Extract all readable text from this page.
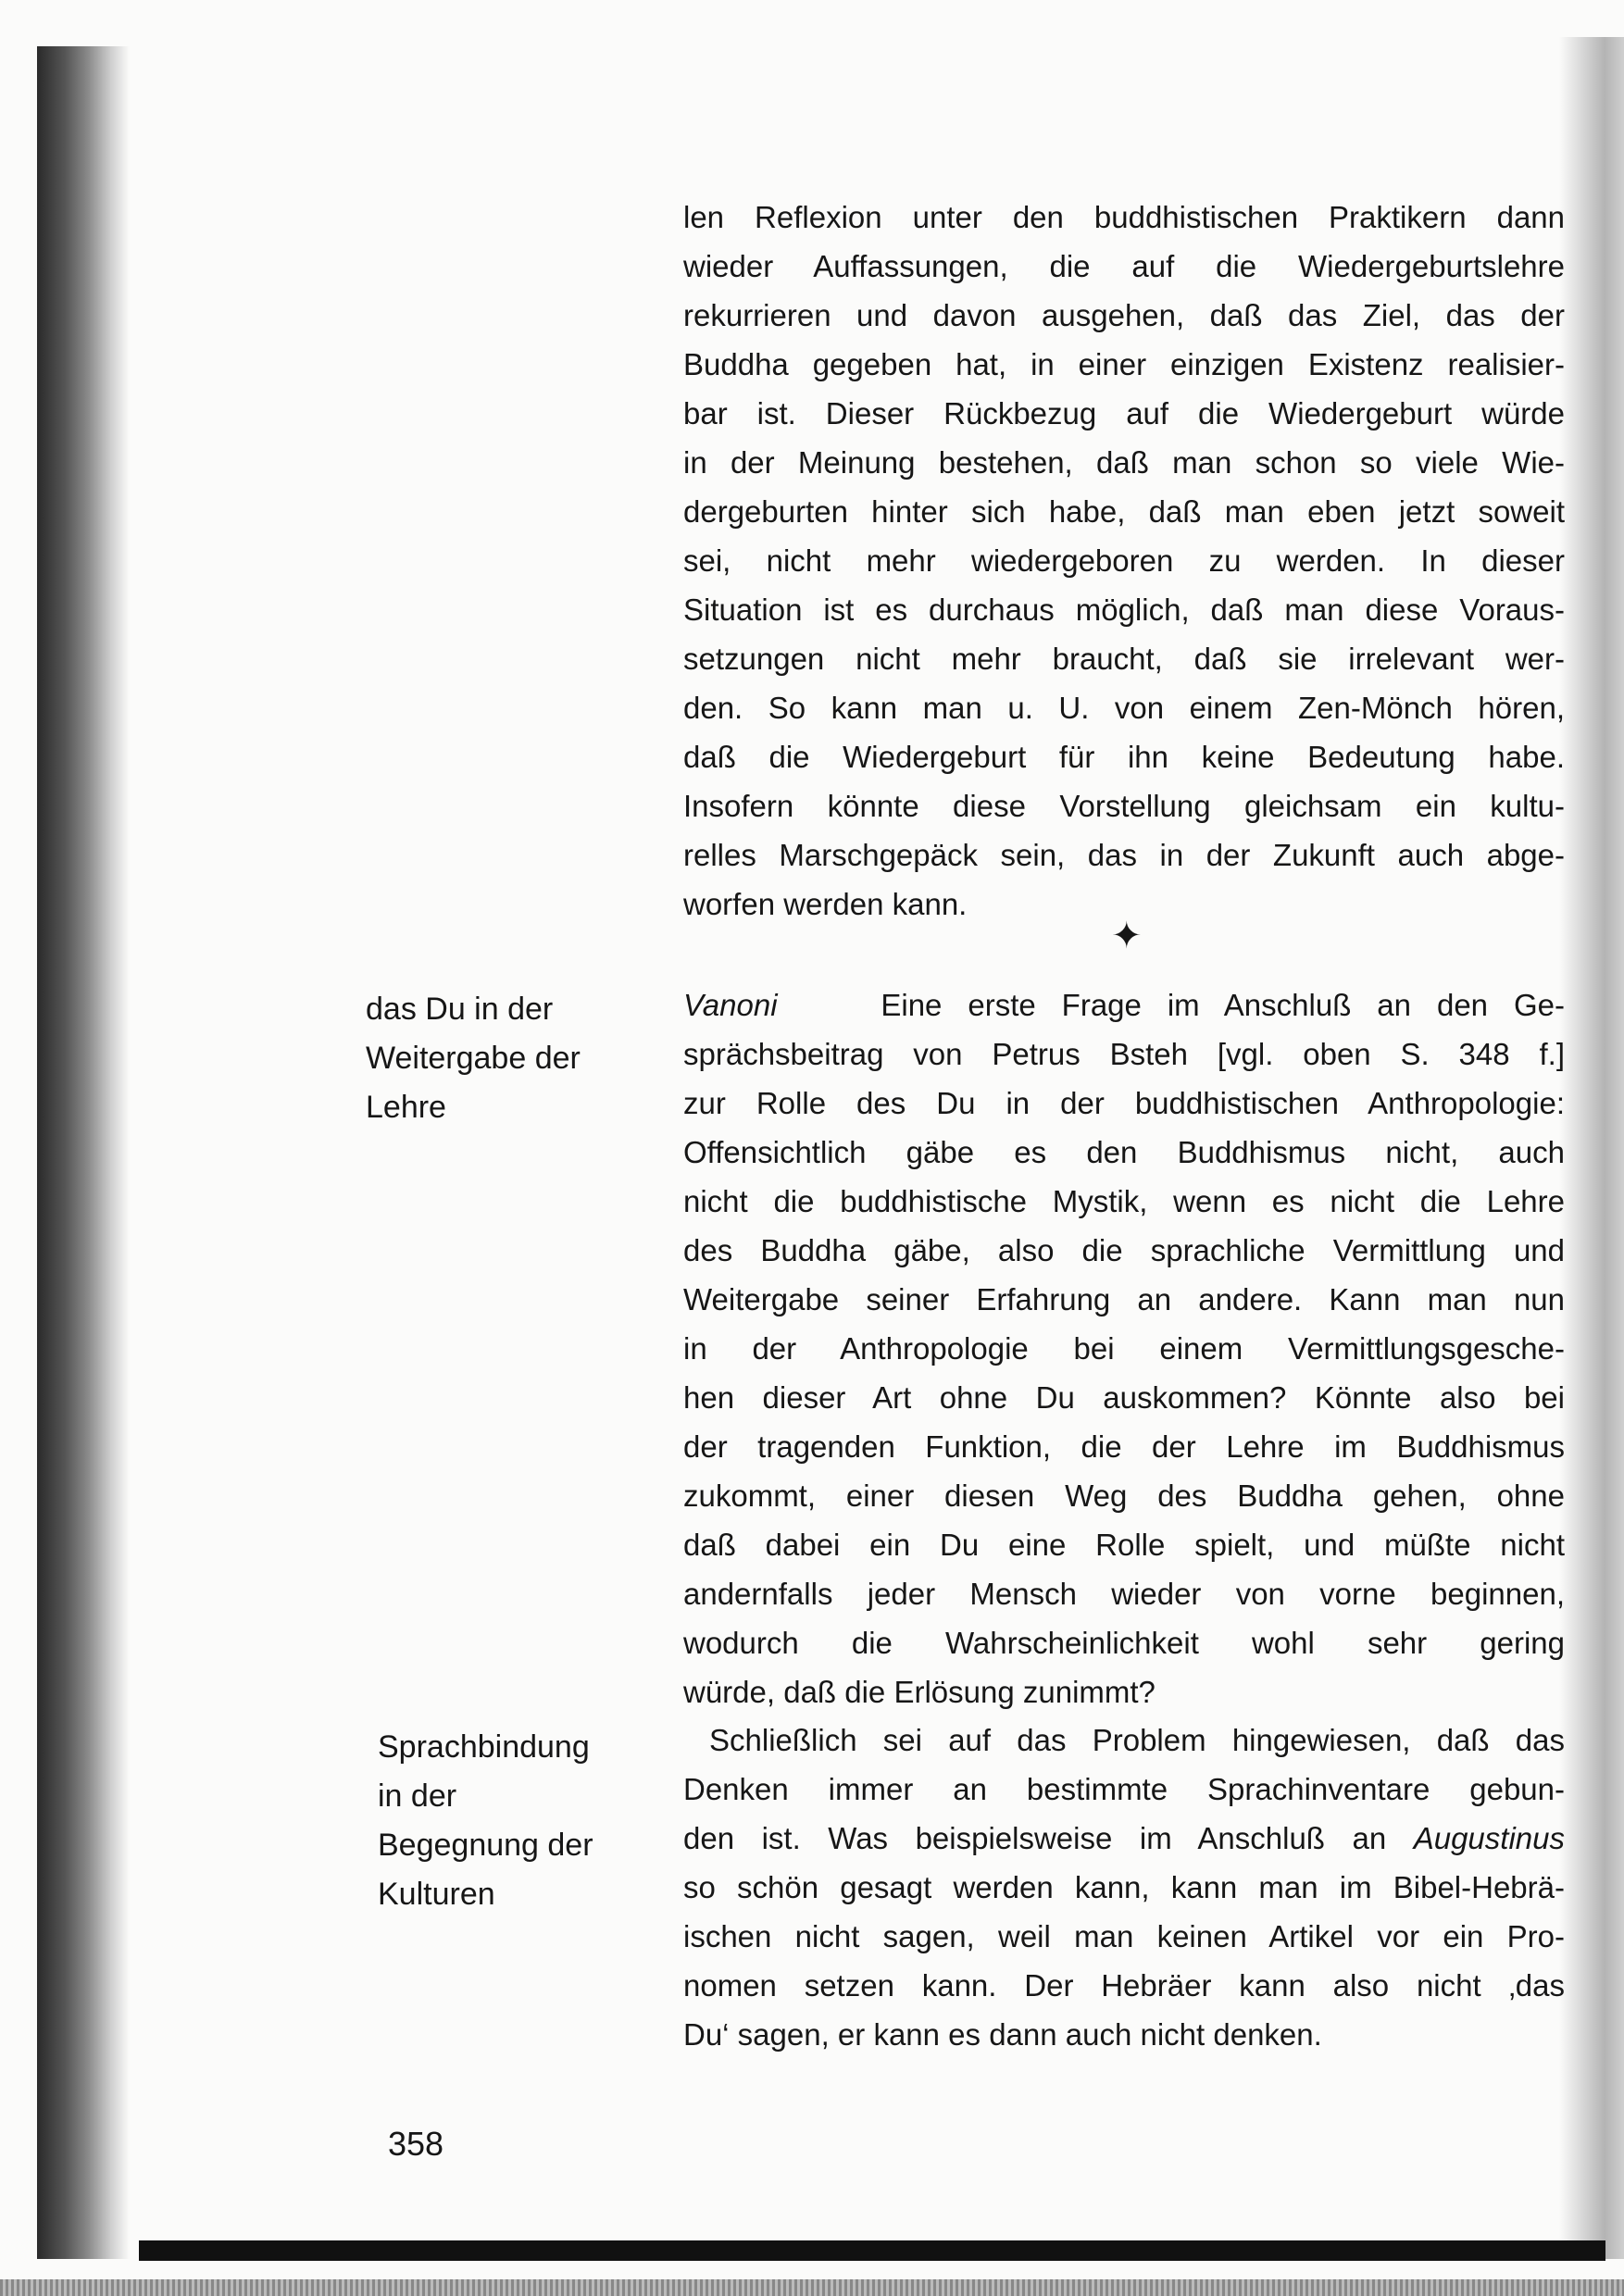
len Reflexion unter den buddhistischen Praktikern dann
wieder Auffassungen, die auf die Wiedergeburtslehre
rekurrieren und davon ausgehen, daß das Ziel, das der
Buddha gegeben hat, in einer einzigen Existenz realisier-
bar ist. Dieser Rückbezug auf die Wiedergeburt würde
in der Meinung bestehen, daß man schon so viele Wie-
dergeburten hinter sich habe, daß man eben jetzt soweit
sei, nicht mehr wiedergeboren zu werden. In dieser
Situation ist es durchaus möglich, daß man diese Voraus-
setzungen nicht mehr braucht, daß sie irrelevant wer-
den. So kann man u. U. von einem Zen-Mönch hören,
daß die Wiedergeburt für ihn keine Bedeutung habe.
Insofern könnte diese Vorstellung gleichsam ein kultu-
relles Marschgepäck sein, das in der Zukunft auch abge-
worfen werden kann.
✦
Vanoni	Eine erste Frage im Anschluß an den Ge-
sprächsbeitrag von Petrus Bsteh [vgl. oben S. 348 f.]
zur Rolle des Du in der buddhistischen Anthropologie:
Offensichtlich gäbe es den Buddhismus nicht, auch
nicht die buddhistische Mystik, wenn es nicht die Lehre
des Buddha gäbe, also die sprachliche Vermittlung und
Weitergabe seiner Erfahrung an andere. Kann man nun
in der Anthropologie bei einem Vermittlungsgesche-
hen dieser Art ohne Du auskommen? Könnte also bei
der tragenden Funktion, die der Lehre im Buddhismus
zukommt, einer diesen Weg des Buddha gehen, ohne
daß dabei ein Du eine Rolle spielt, und müßte nicht
andernfalls jeder Mensch wieder von vorne beginnen,
wodurch die Wahrscheinlichkeit wohl sehr gering
würde, daß die Erlösung zunimmt?
Schließlich sei auf das Problem hingewiesen, daß das
Denken immer an bestimmte Sprachinventare gebun-
den ist. Was beispielsweise im Anschluß an Augustinus
so schön gesagt werden kann, kann man im Bibel-Hebrä-
ischen nicht sagen, weil man keinen Artikel vor ein Pro-
nomen setzen kann. Der Hebräer kann also nicht ‚das
Du‘ sagen, er kann es dann auch nicht denken.
das Du in der
Weitergabe der
Lehre
Sprachbindung
in der
Begegnung der
Kulturen
358
